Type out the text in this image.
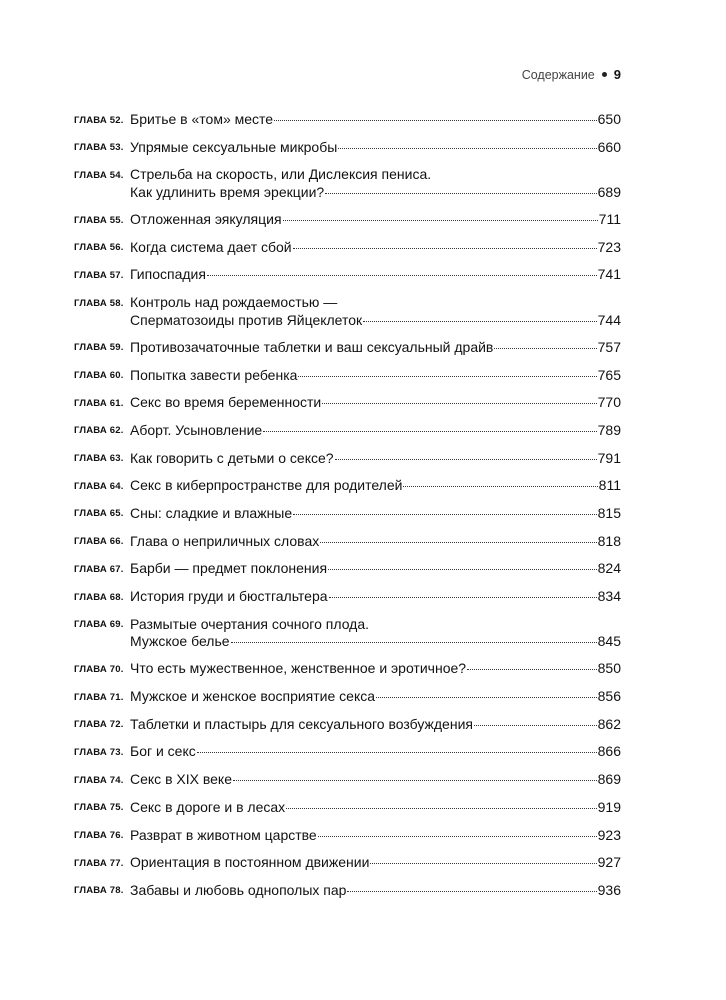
Содержание 9
ГЛАВА 52. Бритье в «том» месте	650
ГЛАВА 53. Упрямые сексуальные микробы	660
ГЛАВА 54. Стрельба на скорость, или Дислексия пениса.
Как удлинить время эрекции?	689
ГЛАВА 55. Отложенная эякуляция	711
ГЛАВА 56. Когда система дает сбой	723
ГЛАВА 57. Гипоспадия	741
ГЛАВА 58. Контроль над рождаемостью —
Сперматозоиды против Яйцеклеток	744
ГЛАВА 59. Противозачаточные таблетки и ваш сексуальный драйв	757
ГЛАВА 60. Попытка завести ребенка	765
ГЛАВА 61. Секс во время беременности	770
ГЛАВА 62. Аборт. Усыновление	789
ГЛАВА 63. Как говорить с детьми о сексе?	791
ГЛАВА 64. Секс в киберпространстве для родителей	811
ГЛАВА 65. Сны: сладкие и влажные	815
ГЛАВА 66. Глава о неприличных словах	818
ГЛАВА 67. Барби — предмет поклонения	824
ГЛАВА 68. История груди и бюстгальтера	834
ГЛАВА 69. Размытые очертания сочного плода.
Мужское белье	845
ГЛАВА 70. Что есть мужественное, женственное и эротичное?	850
ГЛАВА 71. Мужское и женское восприятие секса	856
ГЛАВА 72. Таблетки и пластырь для сексуального возбуждения	862
ГЛАВА 73. Бог и секс	866
ГЛАВА 74. Секс в XIX веке	869
ГЛАВА 75. Секс в дороге и в лесах	919
ГЛАВА 76. Разврат в животном царстве	923
ГЛАВА 77. Ориентация в постоянном движении	927
ГЛАВА 78. Забавы и любовь однополых пар	936
